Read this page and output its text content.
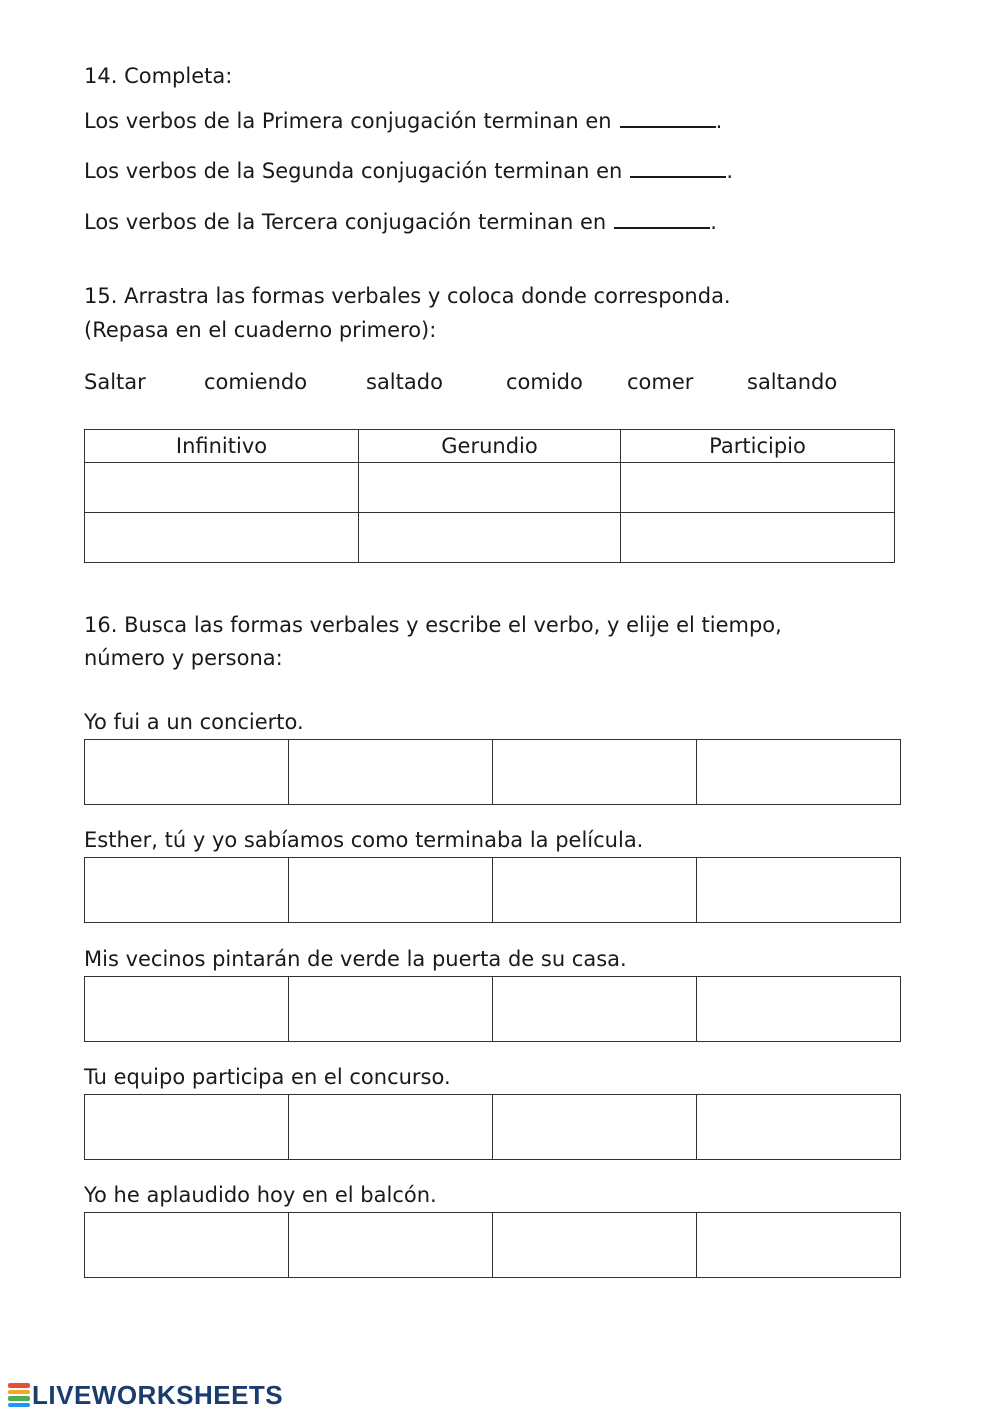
14. Completa:
Los verbos de la Primera conjugación terminan en	.
Los verbos de la Segunda conjugación terminan en	.
Los verbos de la Tercera conjugación terminan en	.
15. Arrastra las formas verbales y coloca donde corresponda.
(Repasa en el cuaderno primero):
Saltar	comiendo	saltado	comido comer	saltando
Infinitivo	Gerundio	Participio

16. Busca las formas verbales y escribe el verbo, y elije el tiempo,
número y persona:
Yo fui a un concierto.

Esther, tú y yo sabíamos como terminaba la película.

Mis vecinos pintarán de verde la puerta de su casa.

Tu equipo participa en el concurso.

Yo he aplaudido hoy en el balcón.

LIVEWORKSHEETS
